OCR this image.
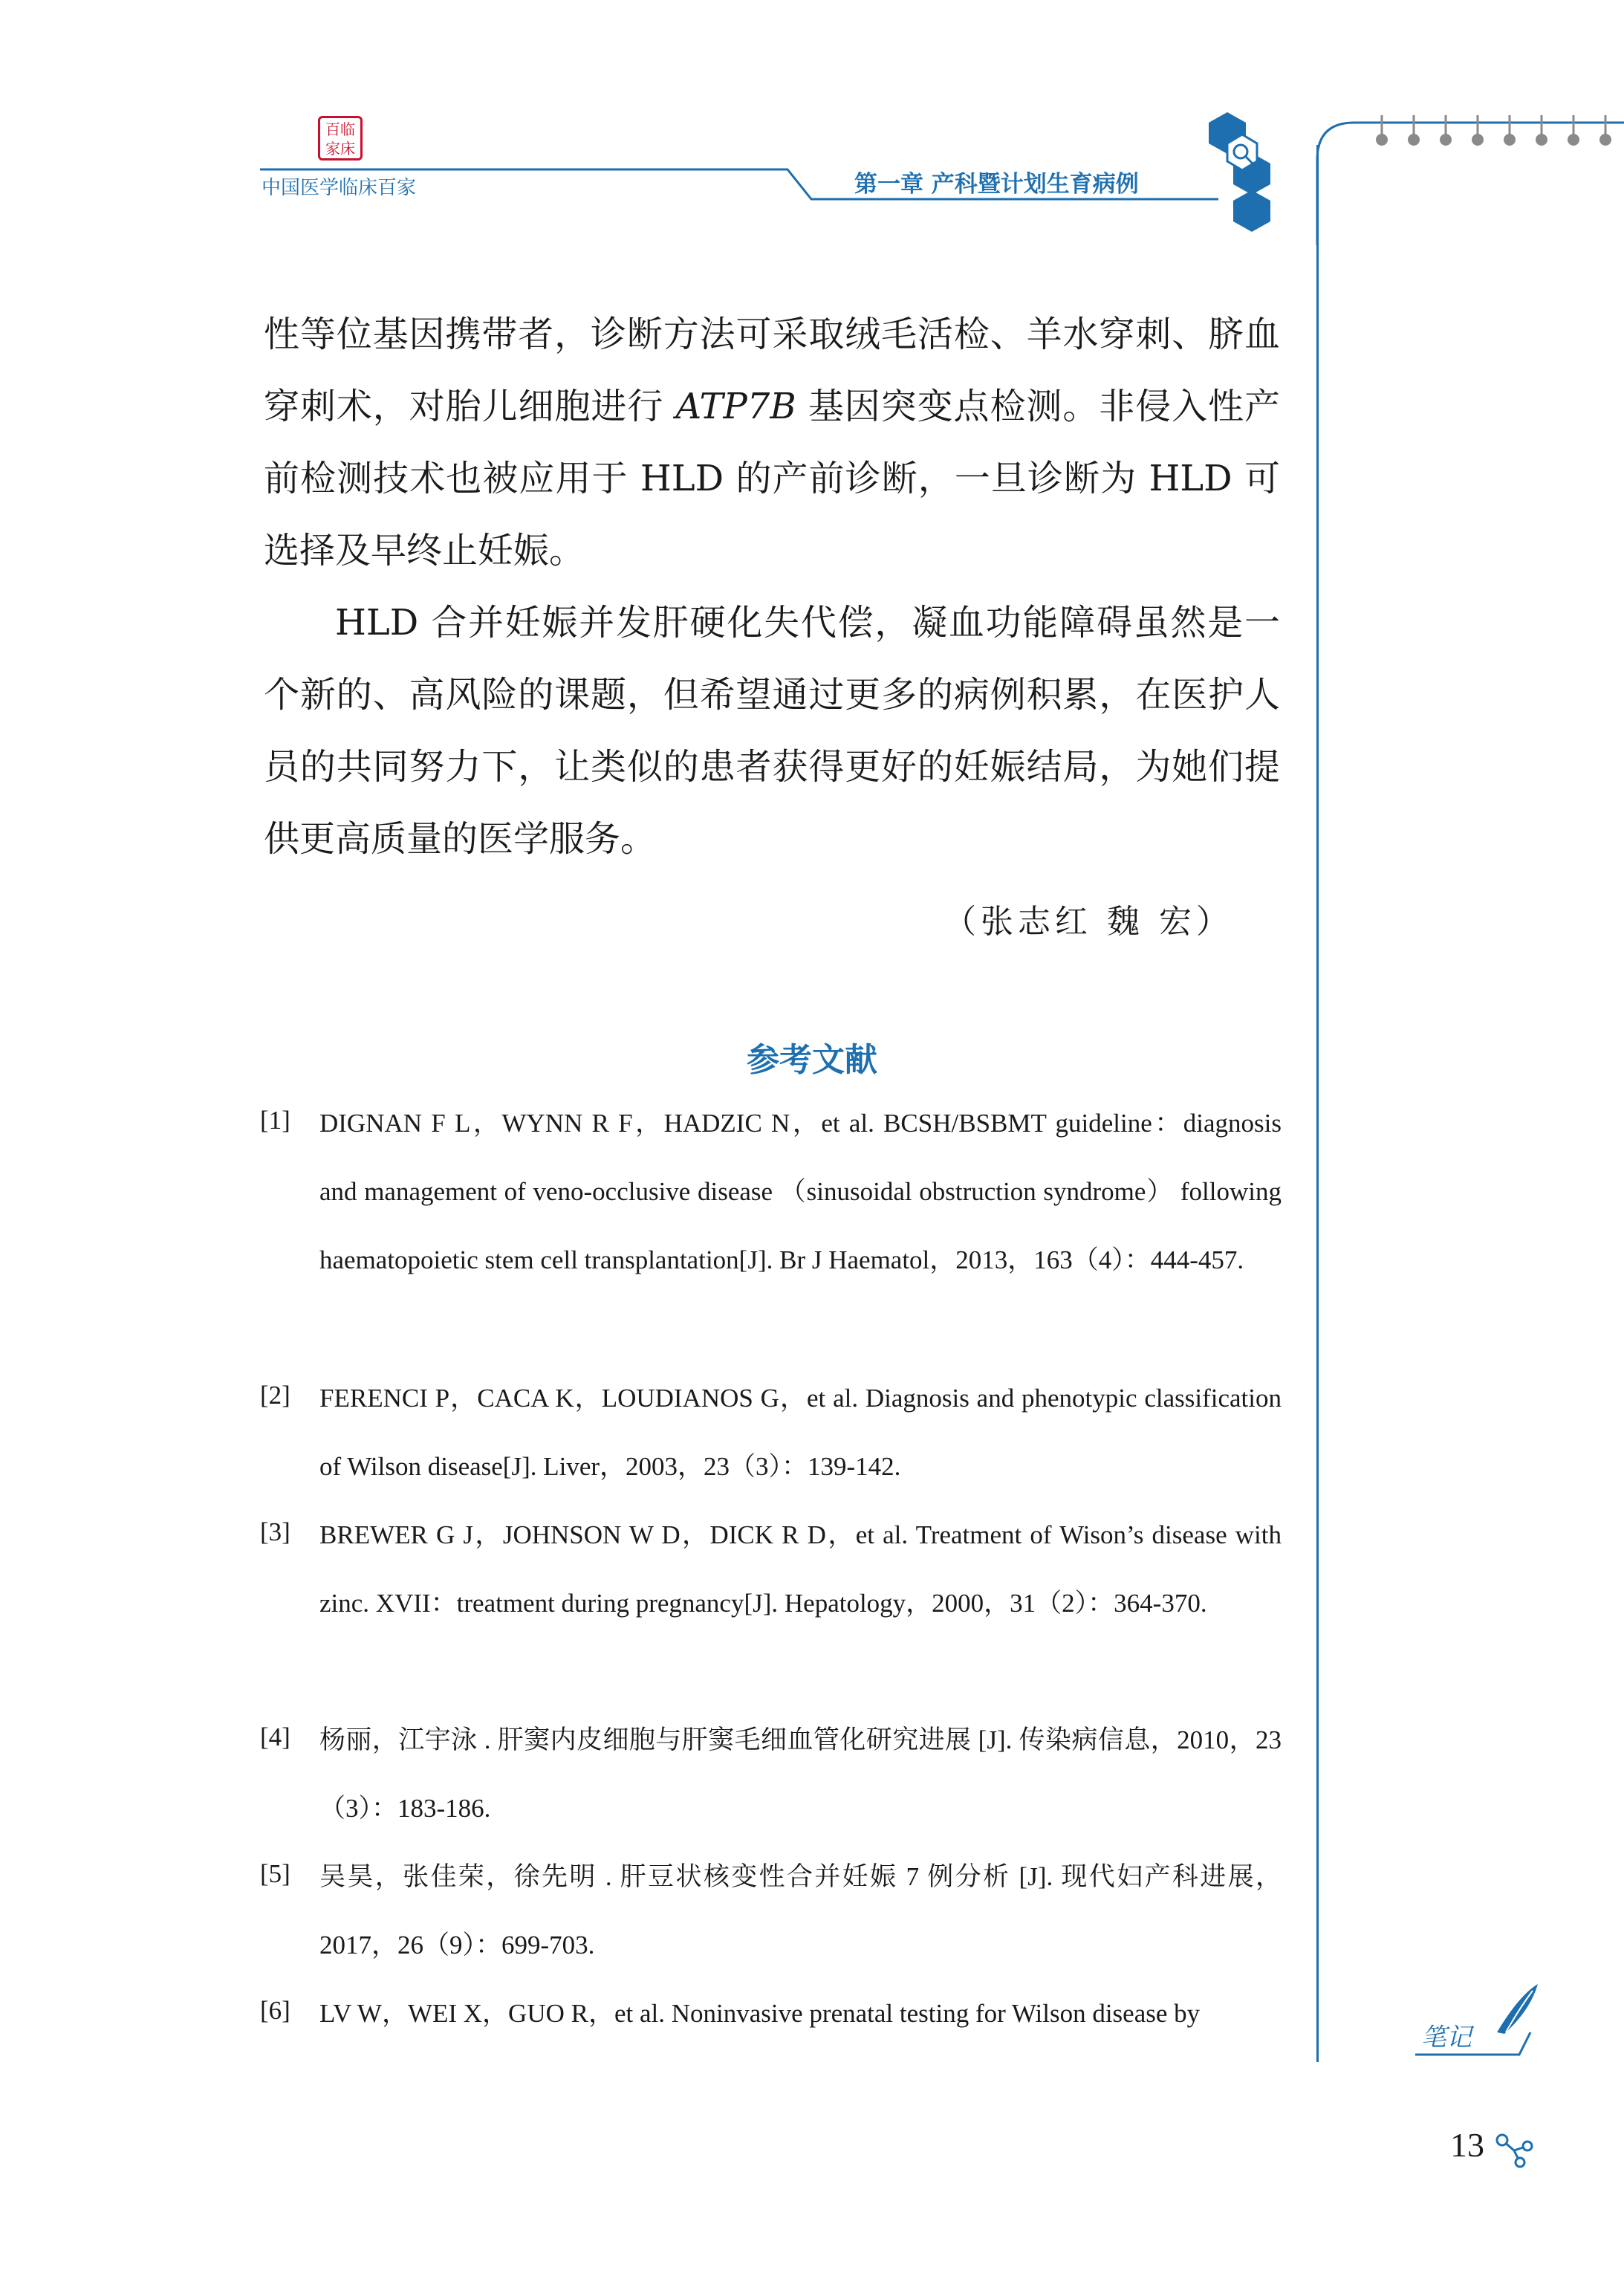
百临家床
中国医学临床百家	第一章 产科暨计划生育病例

性等位基因携带者，诊断方法可采取绒毛活检、羊水穿刺、脐血穿刺术，对胎儿细胞进行 ATP7B 基因突变点检测。非侵入性产前检测技术也被应用于 HLD 的产前诊断，一旦诊断为 HLD 可选择及早终止妊娠。

HLD 合并妊娠并发肝硬化失代偿，凝血功能障碍虽然是一个新的、高风险的课题，但希望通过更多的病例积累，在医护人员的共同努力下，让类似的患者获得更好的妊娠结局，为她们提供更高质量的医学服务。

（张志红 魏 宏）
参考文献
[1] DIGNAN F L，WYNN R F，HADZIC N，et al. BCSH/BSBMT guideline：diagnosis and management of veno-occlusive disease （sinusoidal obstruction syndrome） following haematopoietic stem cell transplantation[J]. Br J Haematol，2013，163（4）：444-457.

[2] FERENCI P，CACA K，LOUDIANOS G，et al. Diagnosis and phenotypic classification of Wilson disease[J]. Liver，2003，23（3）：139-142.

[3] BREWER G J，JOHNSON W D，DICK R D，et al. Treatment of Wison’s disease with zinc. XVII：treatment during pregnancy[J]. Hepatology，2000，31（2）：364-370.

[4] 杨丽，江宇泳 . 肝窦内皮细胞与肝窦毛细血管化研究进展 [J]. 传染病信息，2010，23（3）：183-186.

[5] 吴昊，张佳荣，徐先明 . 肝豆状核变性合并妊娠 7 例分析 [J]. 现代妇产科进展，2017，26（9）：699-703.

[6] LV W，WEI X，GUO R，et al. Noninvasive prenatal testing for Wilson disease by

笔记
13
